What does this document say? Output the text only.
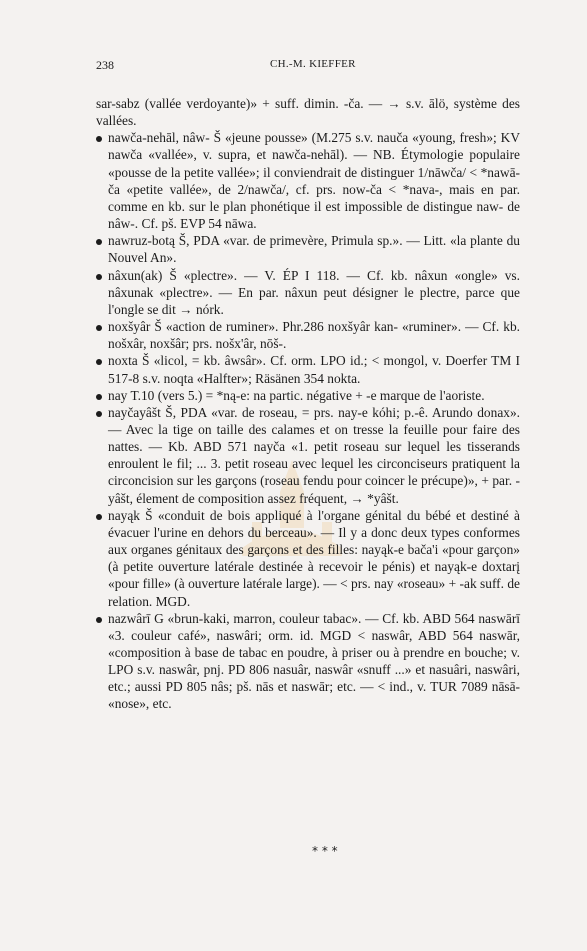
238	CH.-M. KIEFFER

sar-sabz (vallée verdoyante)» + suff. dimin. -ča. — → s.v. ālö, système des vallées.

nawča-nehāl, nâw- Š «jeune pousse» (M.275 s.v. nauča «young, fresh»; KV nawča «vallée», v. supra, et nawča-nehāl). — NB. Étymologie populaire «pousse de la petite vallée»; il conviendrait de distinguer 1/nāwča/ < *nawā-ča «petite vallée», de 2/nawča/, cf. prs. now-ča < *nava-, mais en par. comme en kb. sur le plan phonétique il est impossible de distingue naw- de nâw-. Cf. pš. EVP 54 nāwa.

nawruz-botą Š, PDA «var. de primevère, Primula sp.». — Litt. «la plante du Nouvel An».

nâxun(ak) Š «plectre». — V. ÉP I 118. — Cf. kb. nâxun «ongle» vs. nâxunak «plectre». — En par. nâxun peut désigner le plectre, parce que l'ongle se dit → nórk.

noxšyâr Š «action de ruminer». Phr.286 noxšyâr kan- «ruminer». — Cf. kb. nošxâr, noxšâr; prs. nošx'âr, nōš-.

noxta Š «licol, = kb. âwsâr». Cf. orm. LPO id.; < mongol, v. Doerfer TM I 517-8 s.v. noqta «Halfter»; Räsänen 354 nokta.

nay T.10 (vers 5.) = *ną-e: na partic. négative + -e marque de l'aoriste.

nayčayâšt Š, PDA «var. de roseau, = prs. nay-e kóhi; p.-ê. Arundo donax». — Avec la tige on taille des calames et on tresse la feuille pour faire des nattes. — Kb. ABD 571 nayča «1. petit roseau sur lequel les tisserands enroulent le fil; ... 3. petit roseau avec lequel les circonciseurs pratiquent la circoncision sur les garçons (roseau fendu pour coincer le précupe)», + par. -yâšt, élement de composition assez fréquent, → *yâšt.

nayąk Š «conduit de bois appliqué à l'organe génital du bébé et destiné à évacuer l'urine en dehors du berceau». — Il y a donc deux types conformes aux organes génitaux des garçons et des filles: nayąk-e bača'i «pour garçon» (à petite ouverture latérale destinée à recevoir le pénis) et nayąk-e doxtarį «pour fille» (à ouverture latérale large). — < prs. nay «roseau» + -ak suff. de relation. MGD.

nazwârī G «brun-kaki, marron, couleur tabac». — Cf. kb. ABD 564 naswārī «3. couleur café», naswâri; orm. id. MGD < naswâr, ABD 564 naswār, «composition à base de tabac en poudre, à priser ou à prendre en bouche; v. LPO s.v. naswâr, pnj. PD 806 nasuâr, naswâr «snuff ...» et nasuâri, naswâri, etc.; aussi PD 805 nâs; pš. nās et naswār; etc. — < ind., v. TUR 7089 nāsā- «nose», etc.

* * *
